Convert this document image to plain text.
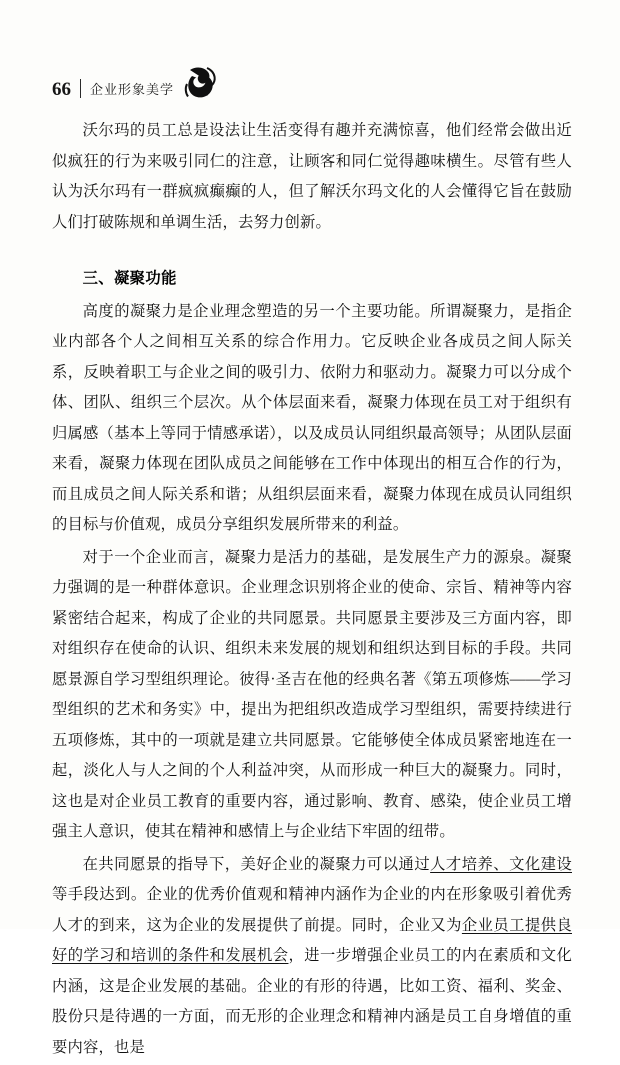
66 企业形象美学

沃尔玛的员工总是设法让生活变得有趣并充满惊喜，他们经常会做出近似疯狂的行为来吸引同仁的注意，让顾客和同仁觉得趣味横生。尽管有些人认为沃尔玛有一群疯疯癫癫的人，但了解沃尔玛文化的人会懂得它旨在鼓励人们打破陈规和单调生活，去努力创新。

三、凝聚功能

高度的凝聚力是企业理念塑造的另一个主要功能。所谓凝聚力，是指企业内部各个人之间相互关系的综合作用力。它反映企业各成员之间人际关系，反映着职工与企业之间的吸引力、依附力和驱动力。凝聚力可以分成个体、团队、组织三个层次。从个体层面来看，凝聚力体现在员工对于组织有归属感（基本上等同于情感承诺），以及成员认同组织最高领导；从团队层面来看，凝聚力体现在团队成员之间能够在工作中体现出的相互合作的行为，而且成员之间人际关系和谐；从组织层面来看，凝聚力体现在成员认同组织的目标与价值观，成员分享组织发展所带来的利益。

对于一个企业而言，凝聚力是活力的基础，是发展生产力的源泉。凝聚力强调的是一种群体意识。企业理念识别将企业的使命、宗旨、精神等内容紧密结合起来，构成了企业的共同愿景。共同愿景主要涉及三方面内容，即对组织存在使命的认识、组织未来发展的规划和组织达到目标的手段。共同愿景源自学习型组织理论。彼得·圣吉在他的经典名著《第五项修炼——学习型组织的艺术和务实》中，提出为把组织改造成学习型组织，需要持续进行五项修炼，其中的一项就是建立共同愿景。它能够使全体成员紧密地连在一起，淡化人与人之间的个人利益冲突，从而形成一种巨大的凝聚力。同时，这也是对企业员工教育的重要内容，通过影响、教育、感染，使企业员工增强主人意识，使其在精神和感情上与企业结下牢固的纽带。

在共同愿景的指导下，美好企业的凝聚力可以通过人才培养、文化建设等手段达到。企业的优秀价值观和精神内涵作为企业的内在形象吸引着优秀人才的到来，这为企业的发展提供了前提。同时，企业又为企业员工提供良好的学习和培训的条件和发展机会，进一步增强企业员工的内在素质和文化内涵，这是企业发展的基础。企业的有形的待遇，比如工资、福利、奖金、股份只是待遇的一方面，而无形的企业理念和精神内涵是员工自身增值的重要内容，也是
